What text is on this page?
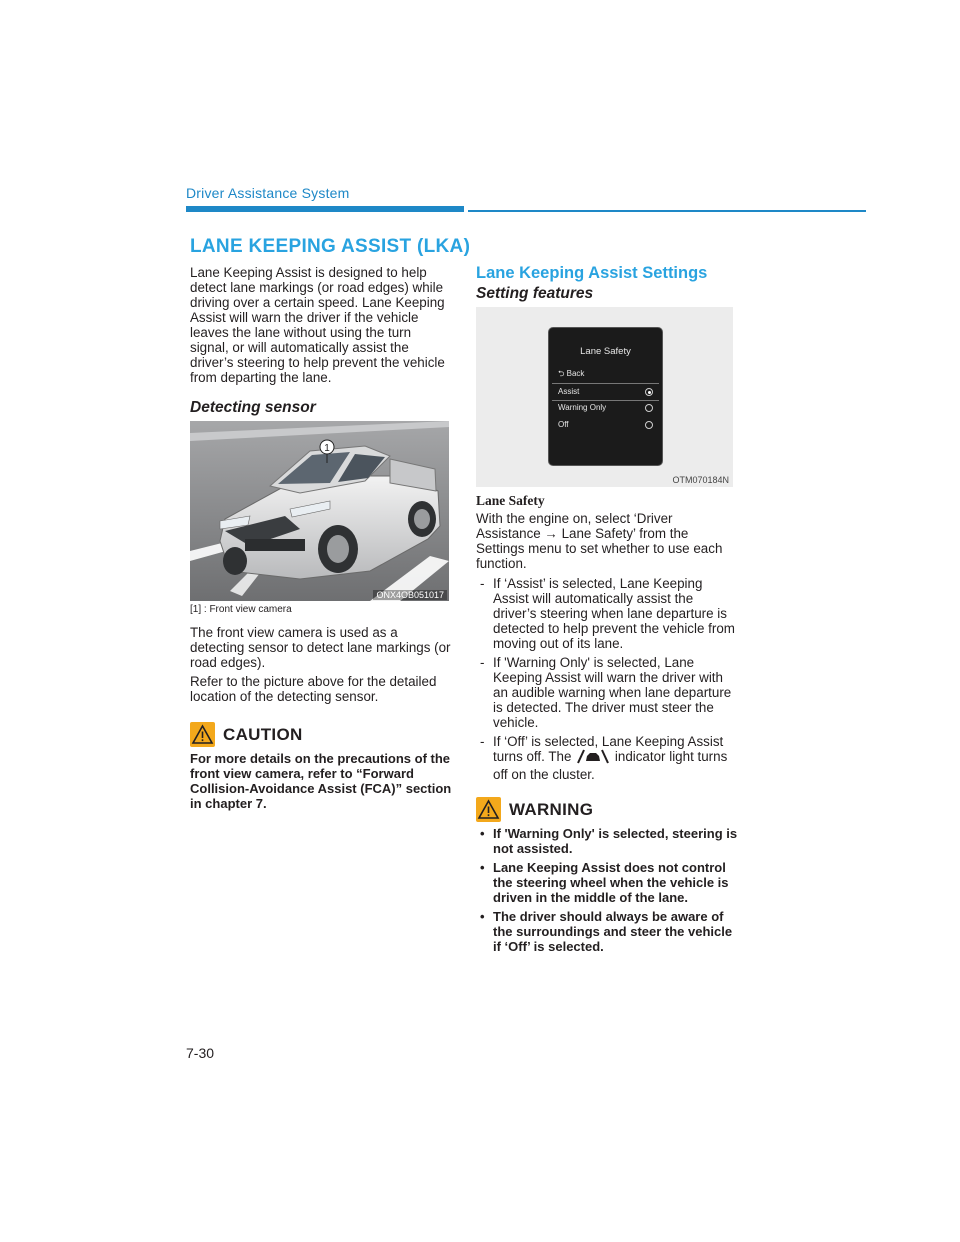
Driver Assistance System
LANE KEEPING ASSIST (LKA)
Lane Keeping Assist is designed to help detect lane markings (or road edges) while driving over a certain speed. Lane Keeping Assist will warn the driver if the vehicle leaves the lane without using the turn signal, or will automatically assist the driver’s steering to help prevent the vehicle from departing the lane.
Detecting sensor
1
ONX4OB051017
[1] : Front view camera
The front view camera is used as a detecting sensor to detect lane markings (or road edges).
Refer to the picture above for the detailed location of the detecting sensor.
CAUTION
For more details on the precautions of the front view camera, refer to “Forward Collision-Avoidance Assist (FCA)” section in chapter 7.
Lane Keeping Assist Settings
Setting features
Lane Safety
⮌ Back
Assist
Warning Only
Off
OTM070184N
Lane Safety
With the engine on, select ‘Driver Assistance → Lane Safety’ from the Settings menu to set whether to use each function.
- If ‘Assist’ is selected, Lane Keeping Assist will automatically assist the driver’s steering when lane departure is detected to help prevent the vehicle from moving out of its lane.
- If 'Warning Only' is selected, Lane Keeping Assist will warn the driver with an audible warning when lane departure is detected. The driver must steer the vehicle.
- If ‘Off’ is selected, Lane Keeping Assist turns off. The	indicator light turns off on the cluster.
WARNING
• If 'Warning Only' is selected, steering is not assisted.
• Lane Keeping Assist does not control the steering wheel when the vehicle is driven in the middle of the lane.
• The driver should always be aware of the surroundings and steer the vehicle if ‘Off’ is selected.
7-30
